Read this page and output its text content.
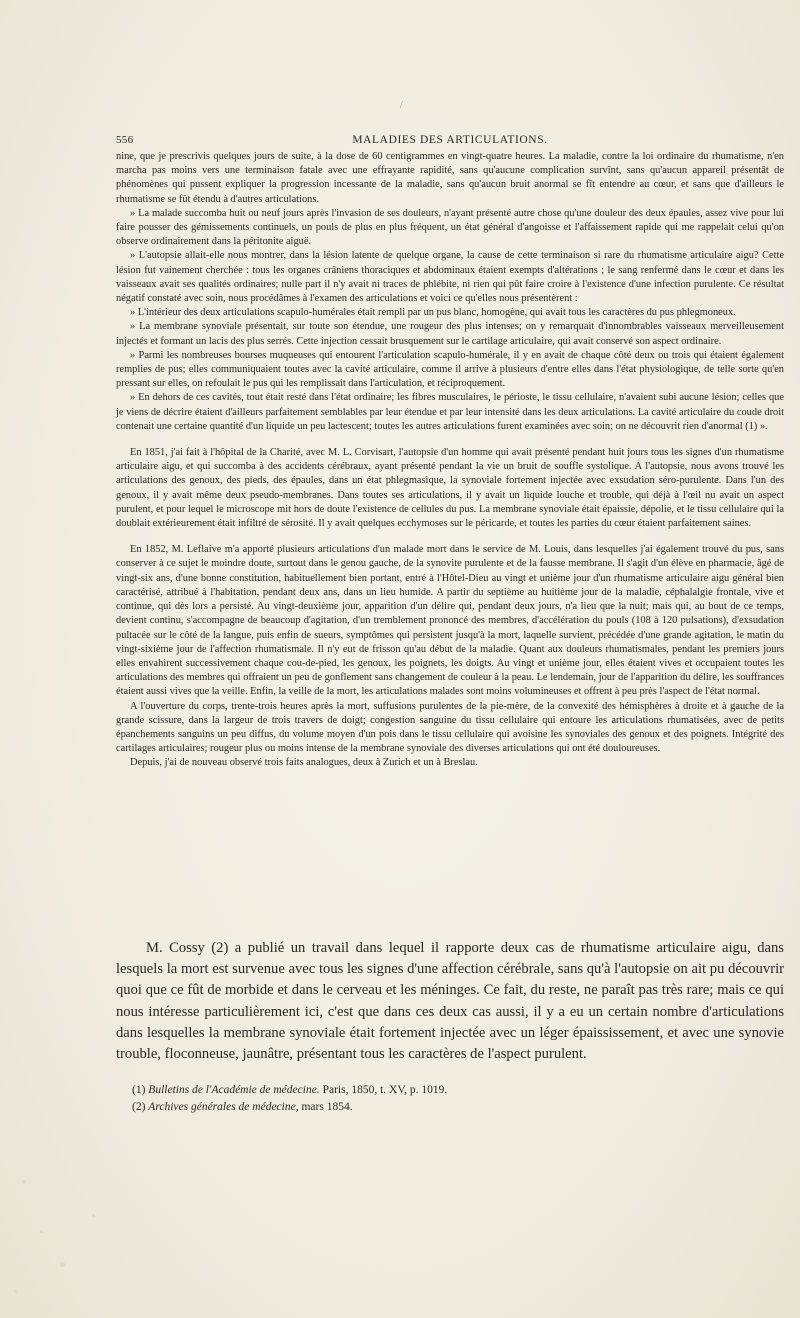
/
556	MALADIES DES ARTICULATIONS.

nine, que je prescrivis quelques jours de suite, à la dose de 60 centigrammes en vingt-quatre heures. La maladie, contre la loi ordinaire du rhumatisme, n'en marcha pas moins vers une terminaison fatale avec une effrayante rapidité, sans qu'aucune complication survînt, sans qu'aucun appareil présentât de phénomènes qui pussent expliquer la progression incessante de la maladie, sans qu'aucun bruit anormal se fît entendre au cœur, et sans que d'ailleurs le rhumatisme se fût étendu à d'autres articulations.

» La malade succomba huit ou neuf jours après l'invasion de ses douleurs, n'ayant présenté autre chose qu'une douleur des deux épaules, assez vive pour lui faire pousser des gémissements continuels, un pouls de plus en plus fréquent, un état général d'angoisse et l'affaissement rapide qui me rappelait celui qu'on observe ordinairement dans la péritonite aiguë.

» L'autopsie allait-elle nous montrer, dans la lésion latente de quelque organe, la cause de cette terminaison si rare du rhumatisme articulaire aigu? Cette lésion fut vainement cherchée : tous les organes crâniens thoraciques et abdominaux étaient exempts d'altérations ; le sang renfermé dans le cœur et dans les vaisseaux avait ses qualités ordinaires; nulle part il n'y avait ni traces de phlébite, ni rien qui pût faire croire à l'existence d'une infection purulente. Ce résultat négatif constaté avec soin, nous procédâmes à l'examen des articulations et voici ce qu'elles nous présentèrent :

» L'intérieur des deux articulations scapulo-humérales était rempli par un pus blanc, homogène, qui avait tous les caractères du pus phlegmoneux.

» La membrane synoviale présentait, sur toute son étendue, une rougeur des plus intenses; on y remarquait d'innombrables vaisseaux merveilleusement injectés et formant un lacis des plus serrés. Cette injection cessait brusquement sur le cartilage articulaire, qui avait conservé son aspect ordinaire.

» Parmi les nombreuses bourses muqueuses qui entourent l'articulation scapulo-humérale, il y en avait de chaque côté deux ou trois qui étaient également remplies de pus; elles communiquaient toutes avec la cavité articulaire, comme il arrive à plusieurs d'entre elles dans l'état physiologique, de telle sorte qu'en pressant sur elles, on refoulait le pus qui les remplissait dans l'articulation, et réciproquement.

» En dehors de ces cavités, tout était resté dans l'état ordinaire; les fibres musculaires, le périoste, le tissu cellulaire, n'avaient subi aucune lésion; celles que je viens de décrire étaient d'ailleurs parfaitement semblables par leur étendue et par leur intensité dans les deux articulations. La cavité articulaire du coude droit contenait une certaine quantité d'un liquide un peu lactescent; toutes les autres articulations furent examinées avec soin; on ne découvrit rien d'anormal (1) ».

En 1851, j'ai fait à l'hôpital de la Charité, avec M. L. Corvisart, l'autopsie d'un homme qui avait présenté pendant huit jours tous les signes d'un rhumatisme articulaire aigu, et qui succomba à des accidents cérébraux, ayant présenté pendant la vie un bruit de souffle systolique. A l'autopsie, nous avons trouvé les articulations des genoux, des pieds, des épaules, dans un état phlegmasique, la synoviale fortement injectée avec exsudation séro-purulente. Dans l'un des genoux, il y avait même deux pseudo-membranes. Dans toutes ses articulations, il y avait un liquide louche et trouble, qui déjà à l'œil nu avait un aspect purulent, et pour lequel le microscope mit hors de doute l'existence de cellules du pus. La membrane synoviale était épaissie, dépolie, et le tissu cellulaire qui la doublait extérieurement était infiltré de sérosité. Il y avait quelques ecchymoses sur le péricarde, et toutes les parties du cœur étaient parfaitement saines.

En 1852, M. Leflaive m'a apporté plusieurs articulations d'un malade mort dans le service de M. Louis, dans lesquelles j'ai également trouvé du pus, sans conserver à ce sujet le moindre doute, surtout dans le genou gauche, de la synovite purulente et de la fausse membrane. Il s'agit d'un élève en pharmacie, âgé de vingt-six ans, d'une bonne constitution, habituellement bien portant, entré à l'Hôtel-Dieu au vingt et unième jour d'un rhumatisme articulaire aigu général bien caractérisé, attribué à l'habitation, pendant deux ans, dans un lieu humide. A partir du septième au huitième jour de la maladie, céphalalgie frontale, vive et continue, qui dès lors a persisté. Au vingt-deuxième jour, apparition d'un délire qui, pendant deux jours, n'a lieu que la nuit; mais qui, au bout de ce temps, devient continu, s'accompagne de beaucoup d'agitation, d'un tremblement prononcé des membres, d'accélération du pouls (108 à 120 pulsations), d'exsudation pultacée sur le côté de la langue, puis enfin de sueurs, symptômes qui persistent jusqu'à la mort, laquelle survient, précédée d'une grande agitation, le matin du vingt-sixième jour de l'affection rhumatismale. Il n'y eut de frisson qu'au début de la maladie. Quant aux douleurs rhumatismales, pendant les premiers jours elles envahirent successivement chaque cou-de-pied, les genoux, les poignets, les doigts. Au vingt et unième jour, elles étaient vives et occupaient toutes les articulations des membres qui offraient un peu de gonflement sans changement de couleur à la peau. Le lendemain, jour de l'apparition du délire, les souffrances étaient aussi vives que la veille. Enfin, la veille de la mort, les articulations malades sont moins volumineuses et offrent à peu près l'aspect de l'état normal.

A l'ouverture du corps, trente-trois heures après la mort, suffusions purulentes de la pie-mère, de la convexité des hémisphères à droite et à gauche de la grande scissure, dans la largeur de trois travers de doigt; congestion sanguine du tissu cellulaire qui entoure les articulations rhumatisées, avec de petits épanchements sanguins un peu diffus, du volume moyen d'un pois dans le tissu cellulaire qui avoisine les synoviales des genoux et des poignets. Intégrité des cartilages articulaires; rougeur plus ou moins intense de la membrane synoviale des diverses articulations qui ont été douloureuses.

Depuis, j'ai de nouveau observé trois faits analogues, deux à Zurich et un à Breslau.

M. Cossy (2) a publié un travail dans lequel il rapporte deux cas de rhumatisme articulaire aigu, dans lesquels la mort est survenue avec tous les signes d'une affection cérébrale, sans qu'à l'autopsie on ait pu découvrir quoi que ce fût de morbide et dans le cerveau et les méninges. Ce fait, du reste, ne paraît pas très rare; mais ce qui nous intéresse particulièrement ici, c'est que dans ces deux cas aussi, il y a eu un certain nombre d'articulations dans lesquelles la membrane synoviale était fortement injectée avec un léger épaississement, et avec une synovie trouble, floconneuse, jaunâtre, présentant tous les caractères de l'aspect purulent.

(1) Bulletins de l'Académie de médecine. Paris, 1850, t. XV, p. 1019.

(2) Archives générales de médecine, mars 1854.
